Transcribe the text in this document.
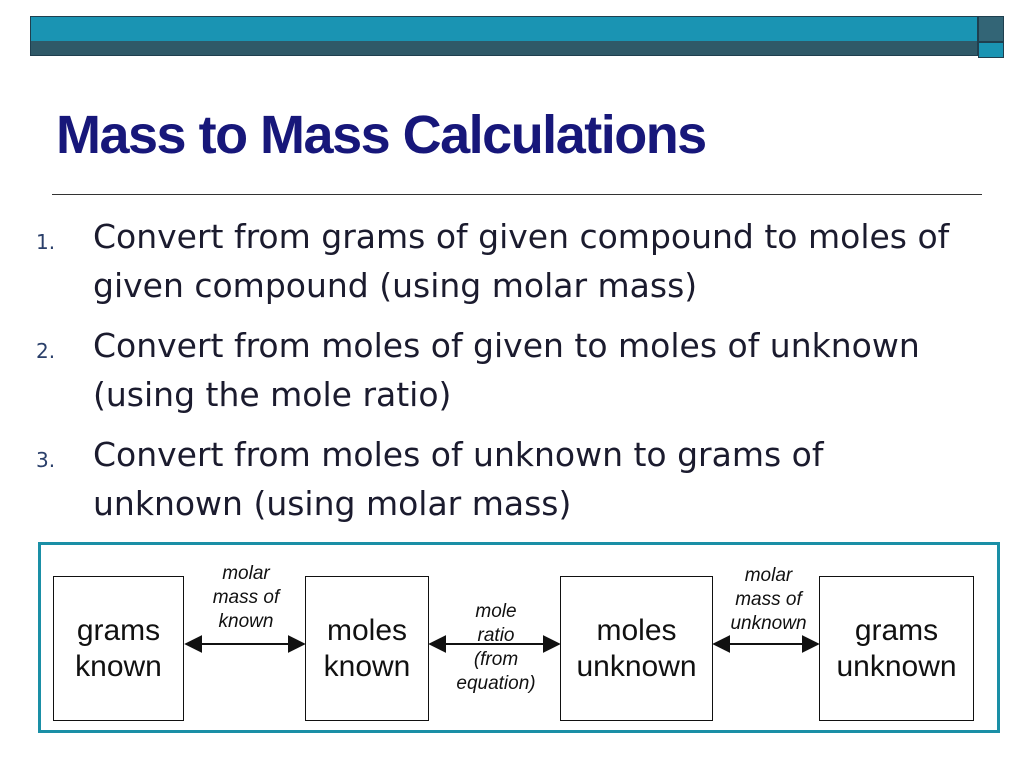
Mass to Mass Calculations
1. Convert from grams of given compound to moles of
given compound (using molar mass)

2. Convert from moles of given to moles of unknown
(using the mole ratio)

3. Convert from moles of unknown to grams of
unknown (using molar mass)

grams
known
moles
known
moles
unknown
grams
unknown
molar
mass of
known	mole
ratio
(from
equation)
molar
mass of
unknown
